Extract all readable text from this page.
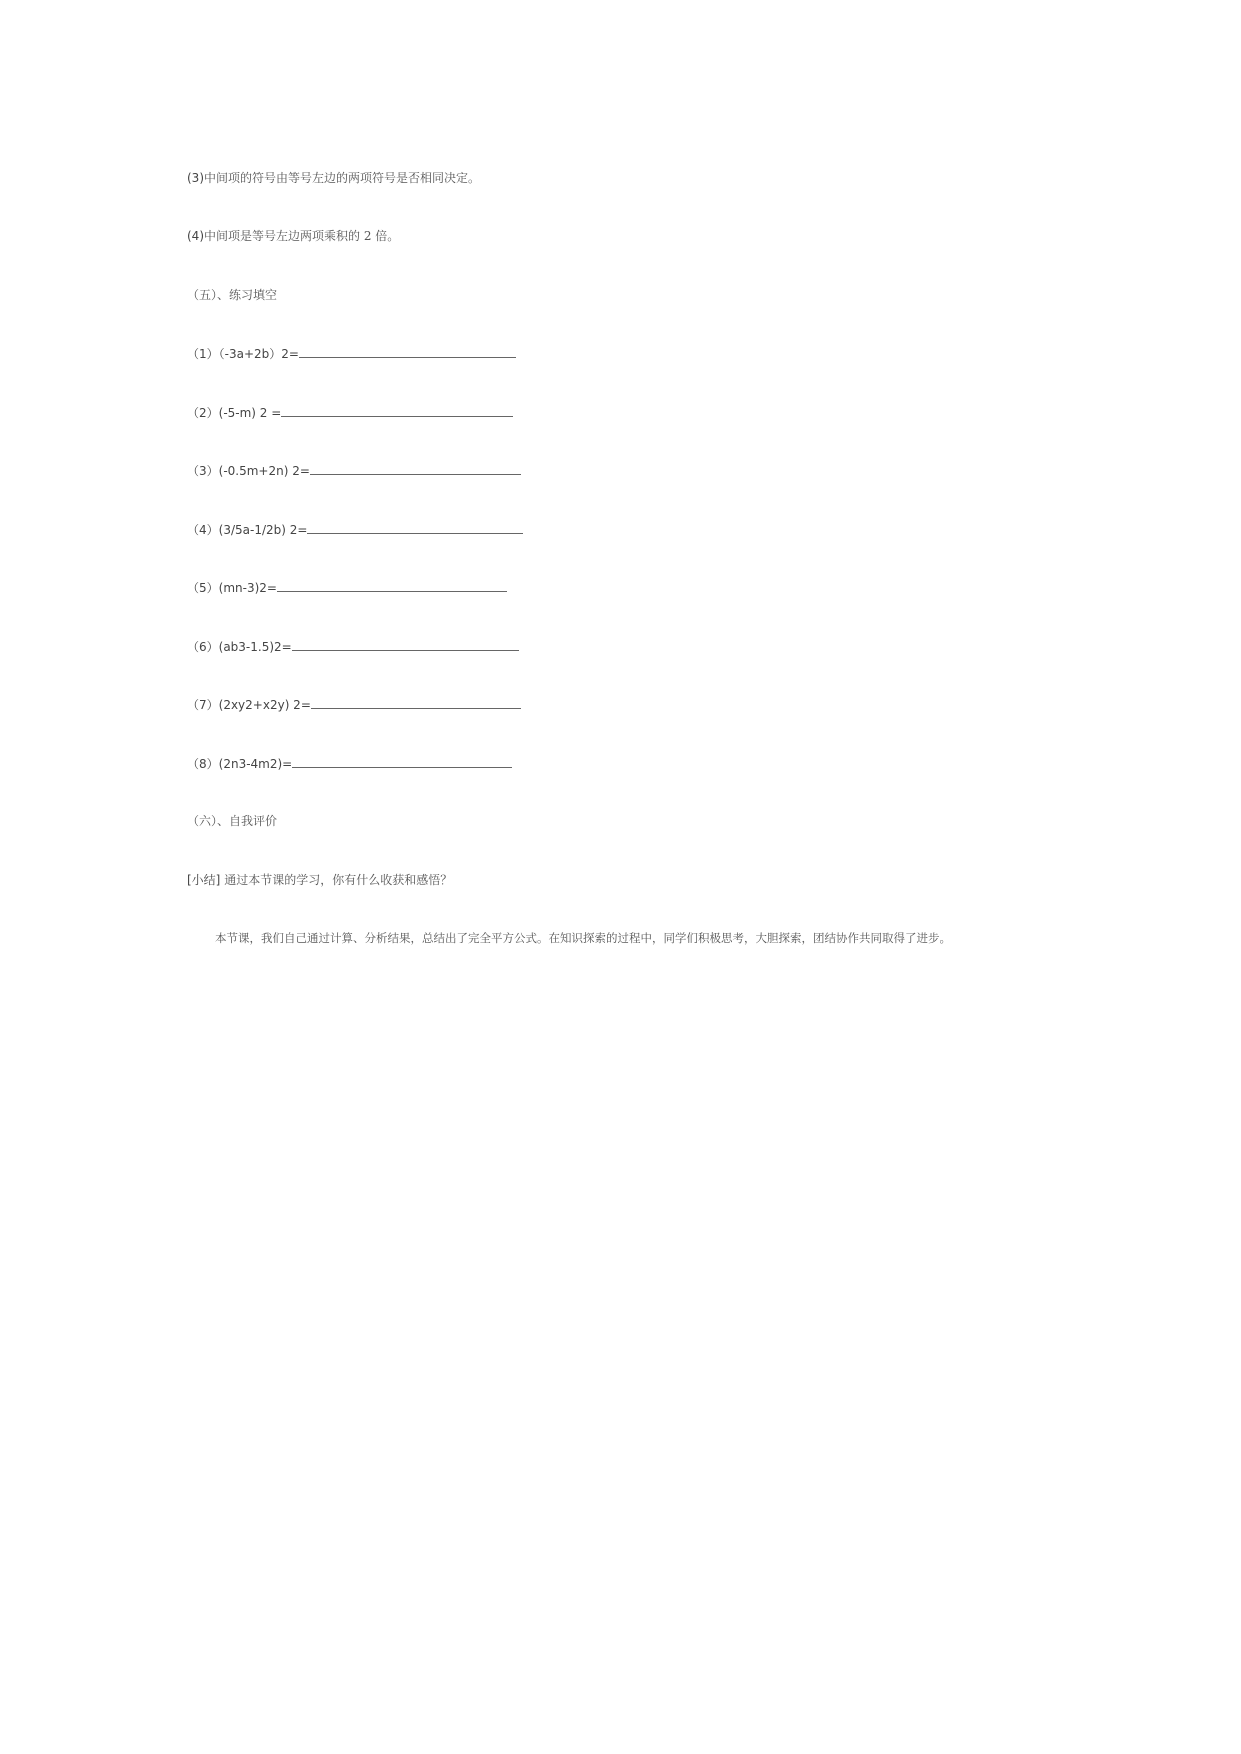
(3)中间项的符号由等号左边的两项符号是否相同决定。
(4)中间项是等号左边两项乘积的 2 倍。
（五）、练习填空
（1）（-3a+2b）2=
（2）(-5-m) 2 =
（3）(-0.5m+2n) 2=
（4）(3/5a-1/2b) 2=
（5）(mn-3)2=
（6）(ab3-1.5)2=
（7）(2xy2+x2y) 2=
（8）(2n3-4m2)=
（六）、自我评价
[小结] 通过本节课的学习，你有什么收获和感悟？
本节课，我们自己通过计算、分析结果，总结出了完全平方公式。在知识探索的过程中，同学们积极思考，大胆探索，团结协作共同取得了进步。
